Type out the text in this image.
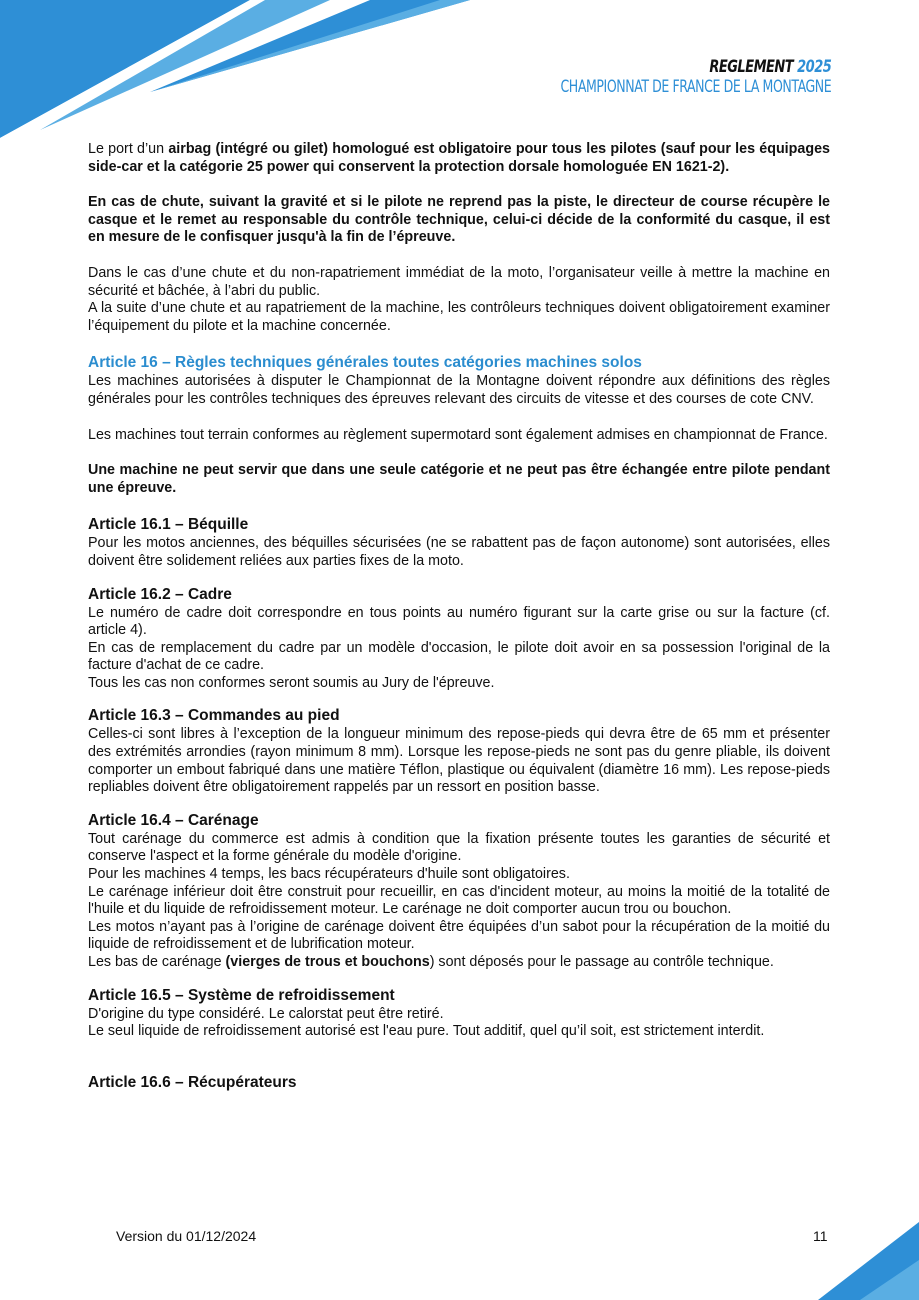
REGLEMENT 2025
CHAMPIONNAT DE FRANCE DE LA MONTAGNE

Le port d’un airbag (intégré ou gilet) homologué est obligatoire pour tous les pilotes (sauf pour les équipages side-car et la catégorie 25 power qui conservent la protection dorsale homologuée EN 1621-2).

En cas de chute, suivant la gravité et si le pilote ne reprend pas la piste, le directeur de course récupère le casque et le remet au responsable du contrôle technique, celui-ci décide de la conformité du casque, il est en mesure de le confisquer jusqu'à la fin de l’épreuve.

Dans le cas d’une chute et du non-rapatriement immédiat de la moto, l’organisateur veille à mettre la machine en sécurité et bâchée, à l’abri du public.

A la suite d’une chute et au rapatriement de la machine, les contrôleurs techniques doivent obligatoirement examiner l’équipement du pilote et la machine concernée.

Article 16 – Règles techniques générales toutes catégories machines solos

Les machines autorisées à disputer le Championnat de la Montagne doivent répondre aux définitions des règles générales pour les contrôles techniques des épreuves relevant des circuits de vitesse et des courses de cote CNV.

Les machines tout terrain conformes au règlement supermotard sont également admises en championnat de France.

Une machine ne peut servir que dans une seule catégorie et ne peut pas être échangée entre pilote pendant une épreuve.

Article 16.1 – Béquille

Pour les motos anciennes, des béquilles sécurisées (ne se rabattent pas de façon autonome) sont autorisées, elles doivent être solidement reliées aux parties fixes de la moto.

Article 16.2 – Cadre

Le numéro de cadre doit correspondre en tous points au numéro figurant sur la carte grise ou sur la facture (cf. article 4).

En cas de remplacement du cadre par un modèle d'occasion, le pilote doit avoir en sa possession l'original de la facture d'achat de ce cadre.

Tous les cas non conformes seront soumis au Jury de l'épreuve.

Article 16.3 – Commandes au pied

Celles-ci sont libres à l’exception de la longueur minimum des repose-pieds qui devra être de 65 mm et présenter des extrémités arrondies (rayon minimum 8 mm). Lorsque les repose-pieds ne sont pas du genre pliable, ils doivent comporter un embout fabriqué dans une matière Téflon, plastique ou équivalent (diamètre 16 mm). Les repose-pieds repliables doivent être obligatoirement rappelés par un ressort en position basse.

Article 16.4 – Carénage

Tout carénage du commerce est admis à condition que la fixation présente toutes les garanties de sécurité et conserve l'aspect et la forme générale du modèle d'origine.

Pour les machines 4 temps, les bacs récupérateurs d'huile sont obligatoires.

Le carénage inférieur doit être construit pour recueillir, en cas d'incident moteur, au moins la moitié de la totalité de l'huile et du liquide de refroidissement moteur. Le carénage ne doit comporter aucun trou ou bouchon.

Les motos n’ayant pas à l’origine de carénage doivent être équipées d’un sabot pour la récupération de la moitié du liquide de refroidissement et de lubrification moteur.

Les bas de carénage (vierges de trous et bouchons) sont déposés pour le passage au contrôle technique.

Article 16.5 – Système de refroidissement

D'origine du type considéré. Le calorstat peut être retiré.

Le seul liquide de refroidissement autorisé est l'eau pure. Tout additif, quel qu’il soit, est strictement interdit.

Article 16.6 – Récupérateurs
Version du 01/12/2024	11
